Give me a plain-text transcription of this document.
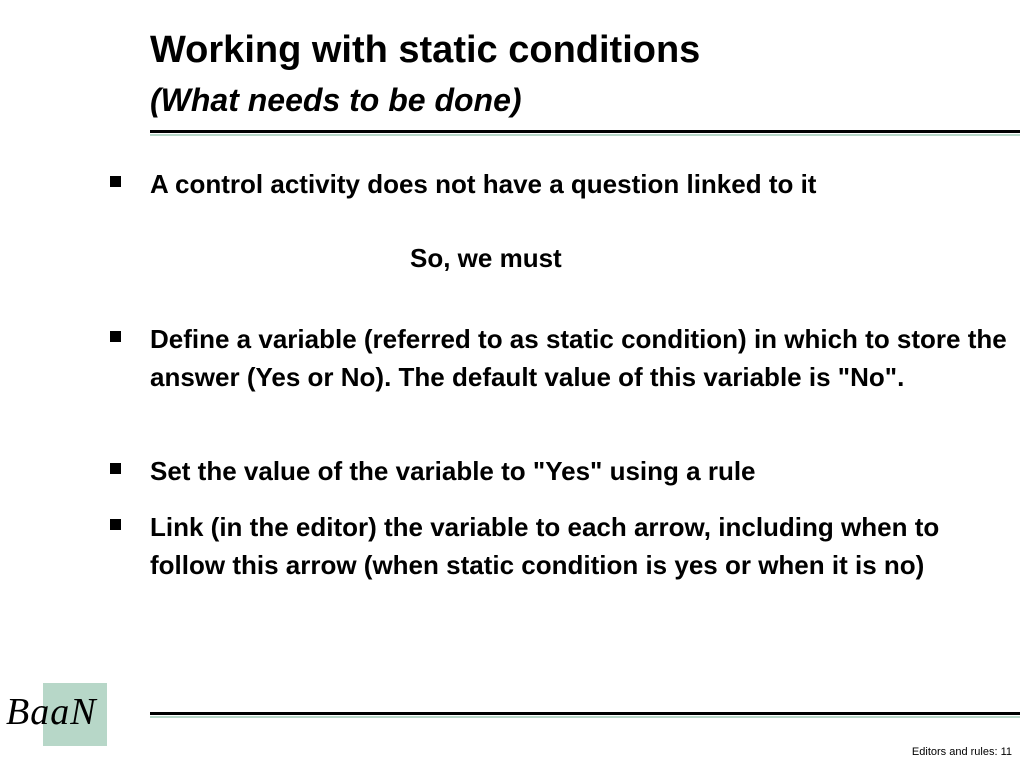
Working with static conditions
(What needs to be done)
A control activity does not have a question linked to it
So, we must
Define a variable (referred to as static condition) in which to store the answer (Yes or No). The default value of this variable is "No".
Set the value of the variable to "Yes" using a rule
Link (in the editor) the variable to each arrow, including when to follow this arrow (when static condition is yes or when it is no)
BaaN
Editors and rules: 11
